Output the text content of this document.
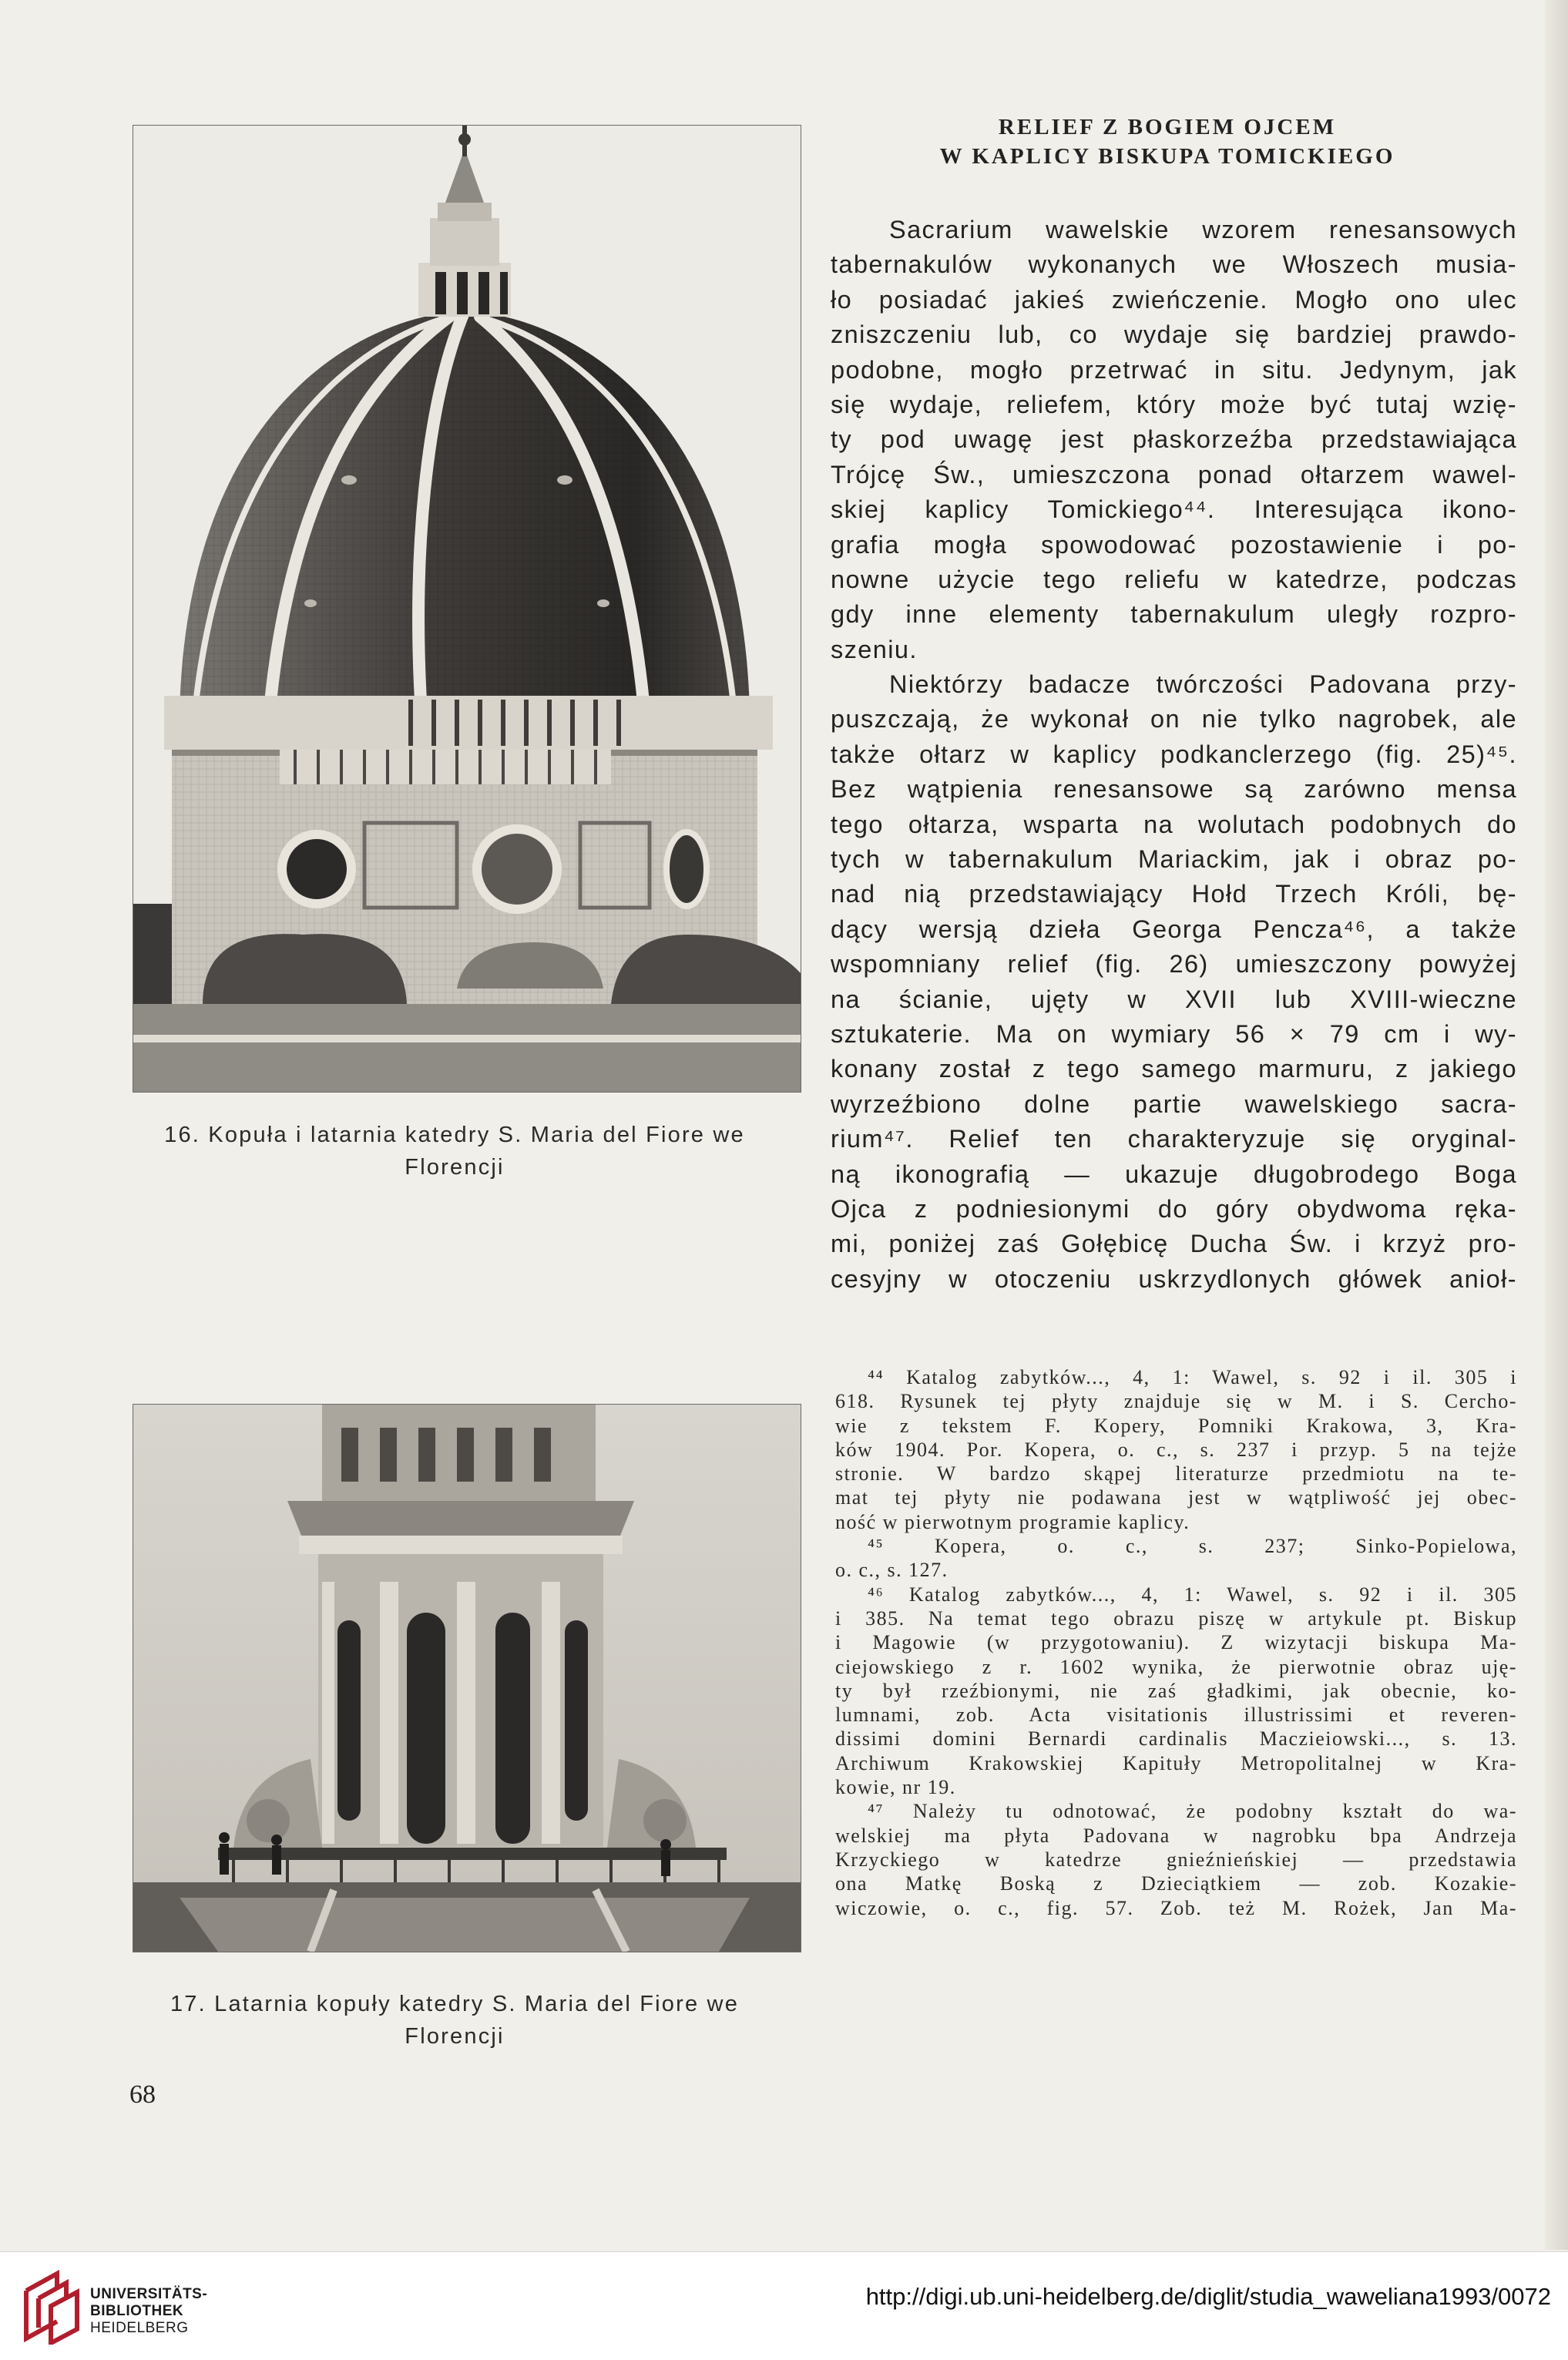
16. Kopuła i latarnia katedry S. Maria del Fiore we
Florencji
17. Latarnia kopuły katedry S. Maria del Fiore we
Florencji
RELIEF Z BOGIEM OJCEM
W KAPLICY BISKUPA TOMICKIEGO
Sacrarium wawelskie wzorem renesansowych
tabernakulów wykonanych we Włoszech musia-
ło posiadać jakieś zwieńczenie. Mogło ono ulec
zniszczeniu lub, co wydaje się bardziej prawdo-
podobne, mogło przetrwać in situ. Jedynym, jak
się wydaje, reliefem, który może być tutaj wzię-
ty pod uwagę jest płaskorzeźba przedstawiająca
Trójcę Św., umieszczona ponad ołtarzem wawel-
skiej kaplicy Tomickiego⁴⁴. Interesująca ikono-
grafia mogła spowodować pozostawienie i po-
nowne użycie tego reliefu w katedrze, podczas
gdy inne elementy tabernakulum uległy rozpro-
szeniu.
Niektórzy badacze twórczości Padovana przy-
puszczają, że wykonał on nie tylko nagrobek, ale
także ołtarz w kaplicy podkanclerzego (fig. 25)⁴⁵.
Bez wątpienia renesansowe są zarówno mensa
tego ołtarza, wsparta na wolutach podobnych do
tych w tabernakulum Mariackim, jak i obraz po-
nad nią przedstawiający Hołd Trzech Króli, bę-
dący wersją dzieła Georga Pencza⁴⁶, a także
wspomniany relief (fig. 26) umieszczony powyżej
na ścianie, ujęty w XVII lub XVIII-wieczne
sztukaterie. Ma on wymiary 56 × 79 cm i wy-
konany został z tego samego marmuru, z jakiego
wyrzeźbiono dolne partie wawelskiego sacra-
rium⁴⁷. Relief ten charakteryzuje się oryginal-
ną ikonografią — ukazuje długobrodego Boga
Ojca z podniesionymi do góry obydwoma ręka-
mi, poniżej zaś Gołębicę Ducha Św. i krzyż pro-
cesyjny w otoczeniu uskrzydlonych główek anioł-
⁴⁴ Katalog zabytków..., 4, 1: Wawel, s. 92 i il. 305 i
618. Rysunek tej płyty znajduje się w M. i S. Cercho-
wie z tekstem F. Kopery, Pomniki Krakowa, 3, Kra-
ków 1904. Por. Kopera, o. c., s. 237 i przyp. 5 na tejże
stronie. W bardzo skąpej literaturze przedmiotu na te-
mat tej płyty nie podawana jest w wątpliwość jej obec-
ność w pierwotnym programie kaplicy.
⁴⁵ Kopera, o. c., s. 237; Sinko-Popielowa,
o. c., s. 127.
⁴⁶ Katalog zabytków..., 4, 1: Wawel, s. 92 i il. 305
i 385. Na temat tego obrazu piszę w artykule pt. Biskup
i Magowie (w przygotowaniu). Z wizytacji biskupa Ma-
ciejowskiego z r. 1602 wynika, że pierwotnie obraz uję-
ty był rzeźbionymi, nie zaś gładkimi, jak obecnie, ko-
lumnami, zob. Acta visitationis illustrissimi et reveren-
dissimi domini Bernardi cardinalis Maczieiowski..., s. 13.
Archiwum Krakowskiej Kapituły Metropolitalnej w Kra-
kowie, nr 19.
⁴⁷ Należy tu odnotować, że podobny kształt do wa-
welskiej ma płyta Padovana w nagrobku bpa Andrzeja
Krzyckiego w katedrze gnieźnieńskiej — przedstawia
ona Matkę Boską z Dzieciątkiem — zob. Kozakie-
wiczowie, o. c., fig. 57. Zob. też M. Rożek, Jan Ma-
68
UNIVERSITÄTS-
BIBLIOTHEK
HEIDELBERG
http://digi.ub.uni-heidelberg.de/diglit/studia_waweliana1993/0072
